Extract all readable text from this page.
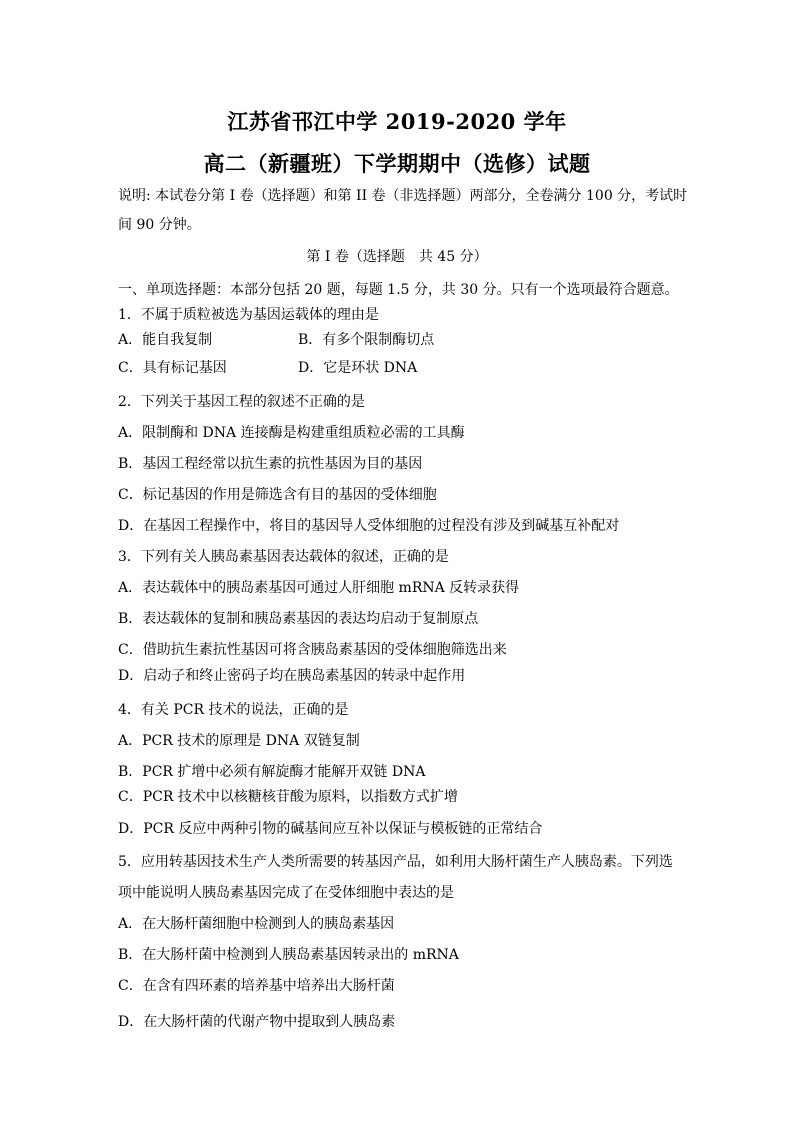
江苏省邗江中学 2019-2020 学年
高二（新疆班）下学期期中（选修）试题
说明: 本试卷分第 I 卷（选择题）和第 II 卷（非选择题）两部分，全卷满分 100 分，考试时
间 90 分钟。
第 I 卷（选择题　共 45 分）
一、单项选择题：本部分包括 20 题，每题 1.5 分，共 30 分。只有一个选项最符合题意。
1．不属于质粒被选为基因运载体的理由是
A．能自我复制	B．有多个限制酶切点
C．具有标记基因	D．它是环状 DNA
2．下列关于基因工程的叙述不正确的是
A．限制酶和 DNA 连接酶是构建重组质粒必需的工具酶
B．基因工程经常以抗生素的抗性基因为目的基因
C．标记基因的作用是筛选含有目的基因的受体细胞
D．在基因工程操作中，将目的基因导人受体细胞的过程没有涉及到碱基互补配对
3．下列有关人胰岛素基因表达载体的叙述，正确的是
A．表达载体中的胰岛素基因可通过人肝细胞 mRNA 反转录获得
B．表达载体的复制和胰岛素基因的表达均启动于复制原点
C．借助抗生素抗性基因可将含胰岛素基因的受体细胞筛选出来
D．启动子和终止密码子均在胰岛素基因的转录中起作用
4．有关 PCR 技术的说法，正确的是
A．PCR 技术的原理是 DNA 双链复制
B．PCR 扩增中必须有解旋酶才能解开双链 DNA
C．PCR 技术中以核糖核苷酸为原料，以指数方式扩增
D．PCR 反应中两种引物的碱基间应互补以保证与模板链的正常结合
5．应用转基因技术生产人类所需要的转基因产品，如利用大肠杆菌生产人胰岛素。下列选
项中能说明人胰岛素基因完成了在受体细胞中表达的是
A．在大肠杆菌细胞中检测到人的胰岛素基因
B．在大肠杆菌中检测到人胰岛素基因转录出的 mRNA
C．在含有四环素的培养基中培养出大肠杆菌
D．在大肠杆菌的代谢产物中提取到人胰岛素
